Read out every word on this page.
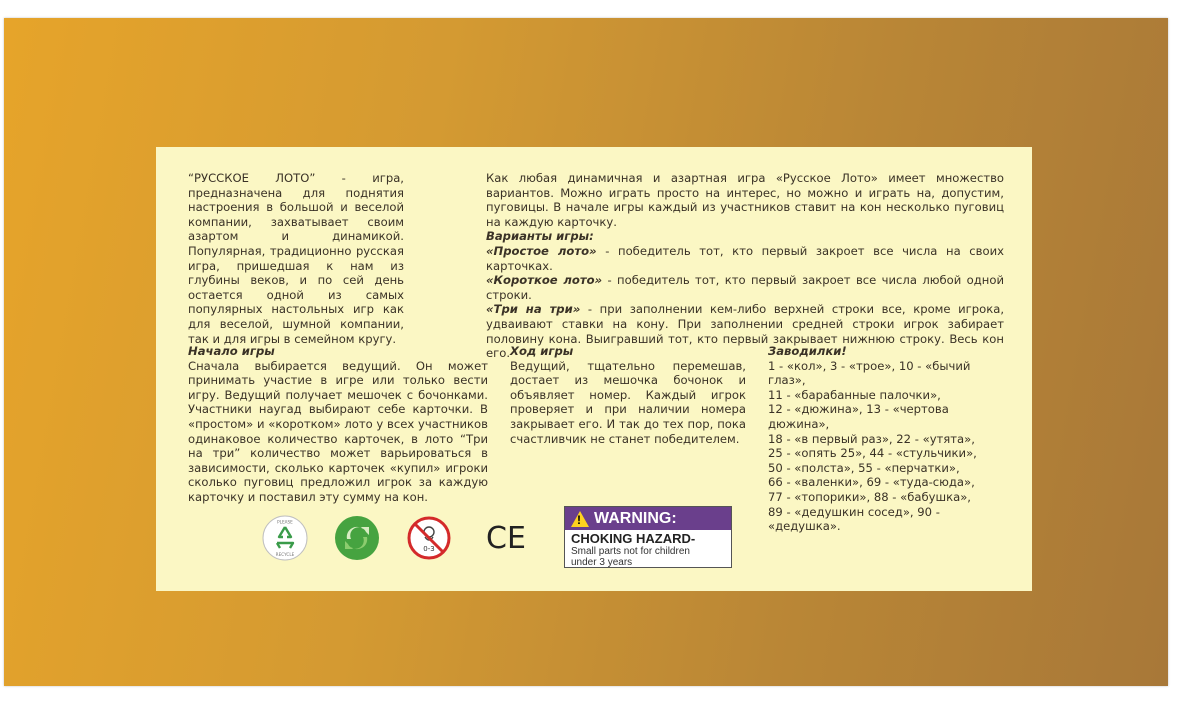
“РУССКОЕ ЛОТО” - игра, предназначена для поднятия настроения в большой и веселой компании, захватывает своим азартом и динамикой. Популярная, традиционно русская игра, пришедшая к нам из глубины веков, и по сей день остается одной из самых популярных настольных игр как для веселой, шумной компании, так и для игры в семейном кругу.

Как любая динамичная и азартная игра «Русское Лото» имеет множество вариантов. Можно играть просто на интерес, но можно и играть на, допустим, пуговицы. В начале игры каждый из участников ставит на кон несколько пуговиц на каждую карточку.

Варианты игры:

«Простое лото» - победитель тот, кто первый закроет все числа на своих карточках.

«Короткое лото» - победитель тот, кто первый закроет все числа любой одной строки.

«Три на три» - при заполнении кем-либо верхней строки все, кроме игрока, удваивают ставки на кону. При заполнении средней строки игрок забирает половину кона. Выигравший тот, кто первый закрывает нижнюю строку. Весь кон его.

Начало игры

Сначала выбирается ведущий. Он может принимать участие в игре или только вести игру. Ведущий получает мешочек с бочонками. Участники наугад выбирают себе карточки. В «простом» и «коротком» лото у всех участников одинаковое количество карточек, в лото “Три на три” количество может варьироваться в зависимости, сколько карточек «купил» игроки сколько пуговиц предложил игрок за каждую карточку и поставил эту сумму на кон.

Ход игры

Ведущий, тщательно перемешав, достает из мешочка бочонок и объявляет номер. Каждый игрок проверяет и при наличии номера закрывает его. И так до тех пор, пока счастливчик не станет победителем.

Заводилки!

1 - «кол», 3 - «трое», 10 - «бычий глаз»,

11 - «барабанные палочки»,

12 - «дюжина», 13 - «чертова дюжина»,

18 - «в первый раз», 22 - «утята»,

25 - «опять 25», 44 - «стульчики»,

50 - «полста», 55 - «перчатки»,

66 - «валенки», 69 - «туда-сюда»,

77 - «топорики», 88 - «бабушка»,

89 - «дедушкин сосед», 90 - «дедушка».

PLEASE
RECYCLE
0-3 CE
!
WARNING:
CHOKING HAZARD-
Small parts not for children
under 3 years
